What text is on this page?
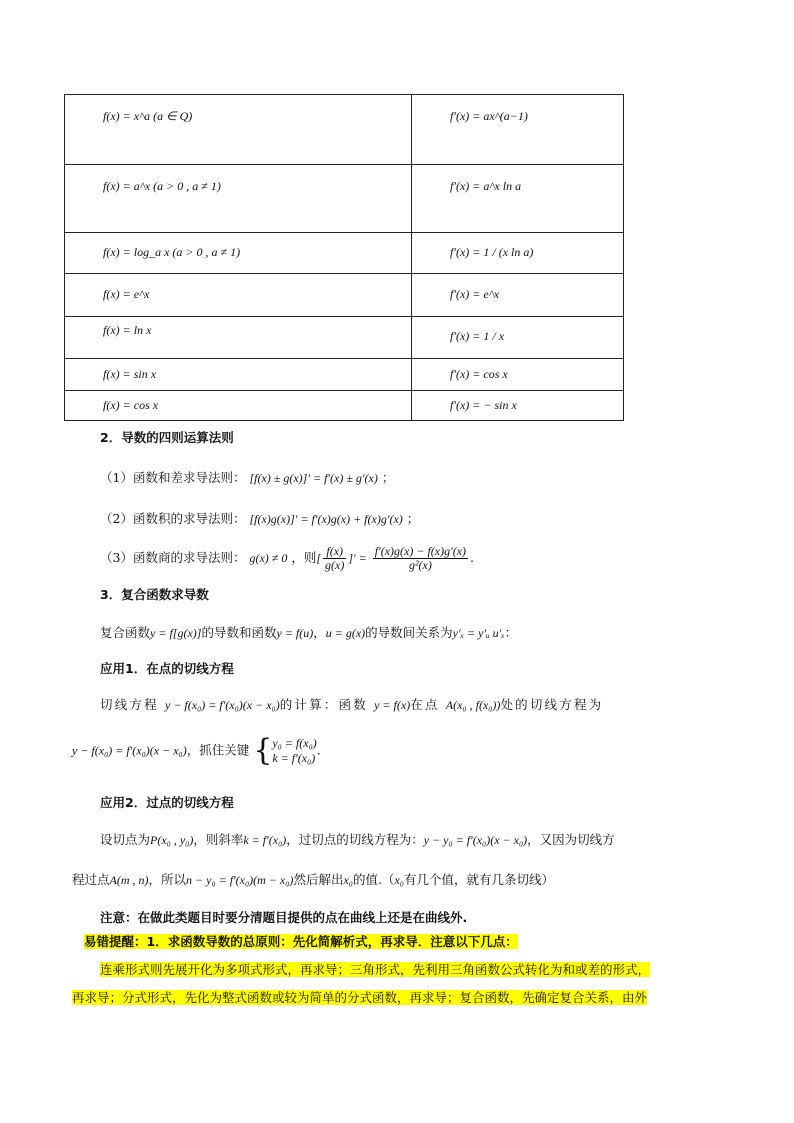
f(x) = x^a (a ∈ Q)	f′(x) = ax^(a−1)

f(x) = a^x (a > 0 , a ≠ 1)	f′(x) = a^x ln a

f(x) = log_a x (a > 0 , a ≠ 1)	f′(x) = 1 / (x ln a)

f(x) = e^x	f′(x) = e^x

f(x) = ln x	f′(x) = 1 / x

f(x) = sin x	f′(x) = cos x

f(x) = cos x	f′(x) = − sin x
2．导数的四则运算法则
（1）函数和差求导法则： [f(x) ± g(x)]′ = f′(x) ± g′(x) ；
（2）函数积的求导法则： [f(x)g(x)]′ = f′(x)g(x) + f(x)g′(x) ；
（3）函数商的求导法则： g(x) ≠ 0 ，则[ $\frac{f(x)}{g(x)}$ ]′ = $\frac{f'(x)g(x) - f(x)g'(x)}{\text{g²(x)}}$ .
3．复合函数求导数
复合函数y = f[g(x)]的导数和函数y = f(u)，u = g(x)的导数间关系为y′ₓ = y′ᵤ u′ₓ：
应用1．在点的切线方程
切线方程 y − f(x₀) = f′(x₀)(x − x₀)的计算：函数 y = f(x)在点 A(x₀ , f(x₀))处的切线方程为
y − f(x₀) = f′(x₀)(x − x₀)，抓住关键 { y₀ = f(x₀)
k = f′(x₀)
.
应用2．过点的切线方程
设切点为P(x₀ , y₀)，则斜率k = f′(x₀)，过切点的切线方程为：y − y₀ = f′(x₀)(x − x₀)，又因为切线方
程过点A(m , n)，所以n − y₀ = f′(x₀)(m − x₀)然后解出x₀的值.（x₀有几个值，就有几条切线）
注意：在做此类题目时要分清题目提供的点在曲线上还是在曲线外.
易错提醒：1．求函数导数的总原则：先化简解析式，再求导．注意以下几点：
连乘形式则先展开化为多项式形式，再求导；三角形式，先利用三角函数公式转化为和或差的形式，
再求导；分式形式，先化为整式函数或较为简单的分式函数，再求导；复合函数，先确定复合关系，由外
